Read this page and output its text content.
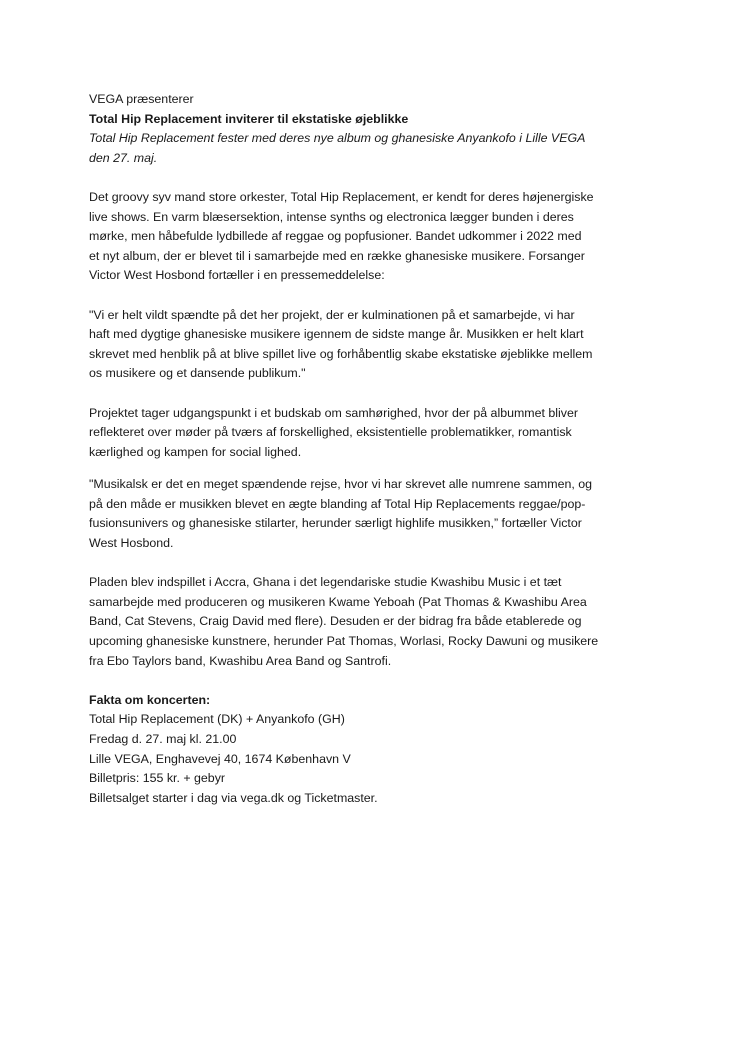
VEGA præsenterer
Total Hip Replacement inviterer til ekstatiske øjeblikke
Total Hip Replacement fester med deres nye album og ghanesiske Anyankofo i Lille VEGA
den 27. maj.
Det groovy syv mand store orkester, Total Hip Replacement, er kendt for deres højenergiske
live shows. En varm blæsersektion, intense synths og electronica lægger bunden i deres
mørke, men håbefulde lydbillede af reggae og popfusioner. Bandet udkommer i 2022 med
et nyt album, der er blevet til i samarbejde med en række ghanesiske musikere. Forsanger
Victor West Hosbond fortæller i en pressemeddelelse:
"Vi er helt vildt spændte på det her projekt, der er kulminationen på et samarbejde, vi har
haft med dygtige ghanesiske musikere igennem de sidste mange år. Musikken er helt klart
skrevet med henblik på at blive spillet live og forhåbentlig skabe ekstatiske øjeblikke mellem
os musikere og et dansende publikum."
Projektet tager udgangspunkt i et budskab om samhørighed, hvor der på albummet bliver
reflekteret over møder på tværs af forskellighed, eksistentielle problematikker, romantisk
kærlighed og kampen for social lighed.
"Musikalsk er det en meget spændende rejse, hvor vi har skrevet alle numrene sammen, og
på den måde er musikken blevet en ægte blanding af Total Hip Replacements reggae/pop-
fusionsunivers og ghanesiske stilarter, herunder særligt highlife musikken,” fortæller Victor
West Hosbond.
Pladen blev indspillet i Accra, Ghana i det legendariske studie Kwashibu Music i et tæt
samarbejde med produceren og musikeren Kwame Yeboah (Pat Thomas & Kwashibu Area
Band, Cat Stevens, Craig David med flere). Desuden er der bidrag fra både etablerede og
upcoming ghanesiske kunstnere, herunder Pat Thomas, Worlasi, Rocky Dawuni og musikere
fra Ebo Taylors band, Kwashibu Area Band og Santrofi.
Fakta om koncerten:
Total Hip Replacement (DK) + Anyankofo (GH)
Fredag d. 27. maj kl. 21.00
Lille VEGA, Enghavevej 40, 1674 København V
Billetpris: 155 kr. + gebyr
Billetsalget starter i dag via vega.dk og Ticketmaster.
